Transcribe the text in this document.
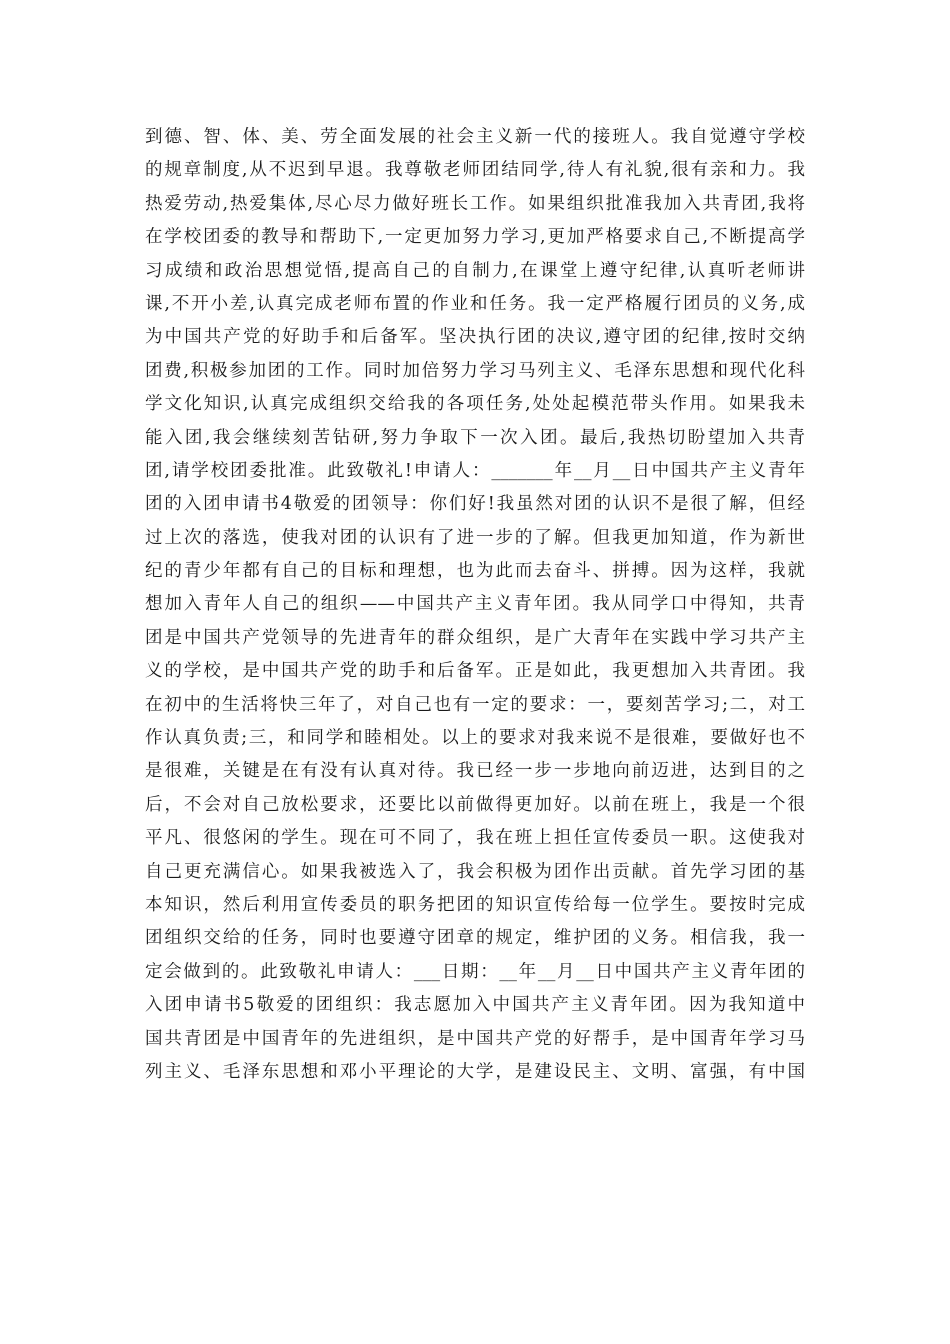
到德、智、体、美、劳全面发展的社会主义新一代的接班人。我自觉遵守学校
的规章制度,从不迟到早退。我尊敬老师团结同学,待人有礼貌,很有亲和力。我
热爱劳动,热爱集体,尽心尽力做好班长工作。如果组织批准我加入共青团,我将
在学校团委的教导和帮助下,一定更加努力学习,更加严格要求自己,不断提高学
习成绩和政治思想觉悟,提高自己的自制力,在课堂上遵守纪律,认真听老师讲
课,不开小差,认真完成老师布置的作业和任务。我一定严格履行团员的义务,成
为中国共产党的好助手和后备军。坚决执行团的决议,遵守团的纪律,按时交纳
团费,积极参加团的工作。同时加倍努力学习马列主义、毛泽东思想和现代化科
学文化知识,认真完成组织交给我的各项任务,处处起模范带头作用。如果我未
能入团,我会继续刻苦钻研,努力争取下一次入团。最后,我热切盼望加入共青
团,请学校团委批准。此致敬礼!申请人：_______年__月__日中国共产主义青年
团的入团申请书4敬爱的团领导：你们好!我虽然对团的认识不是很了解，但经
过上次的落选，使我对团的认识有了进一步的了解。但我更加知道，作为新世
纪的青少年都有自己的目标和理想，也为此而去奋斗、拼搏。因为这样，我就
想加入青年人自己的组织——中国共产主义青年团。我从同学口中得知，共青
团是中国共产党领导的先进青年的群众组织，是广大青年在实践中学习共产主
义的学校，是中国共产党的助手和后备军。正是如此，我更想加入共青团。我
在初中的生活将快三年了，对自己也有一定的要求：一，要刻苦学习;二，对工
作认真负责;三，和同学和睦相处。以上的要求对我来说不是很难，要做好也不
是很难，关键是在有没有认真对待。我已经一步一步地向前迈进，达到目的之
后，不会对自己放松要求，还要比以前做得更加好。以前在班上，我是一个很
平凡、很悠闲的学生。现在可不同了，我在班上担任宣传委员一职。这使我对
自己更充满信心。如果我被选入了，我会积极为团作出贡献。首先学习团的基
本知识，然后利用宣传委员的职务把团的知识宣传给每一位学生。要按时完成
团组织交给的任务，同时也要遵守团章的规定，维护团的义务。相信我，我一
定会做到的。此致敬礼申请人：___日期：__年__月__日中国共产主义青年团的
入团申请书5敬爱的团组织：我志愿加入中国共产主义青年团。因为我知道中
国共青团是中国青年的先进组织，是中国共产党的好帮手，是中国青年学习马
列主义、毛泽东思想和邓小平理论的大学，是建设民主、文明、富强，有中国
